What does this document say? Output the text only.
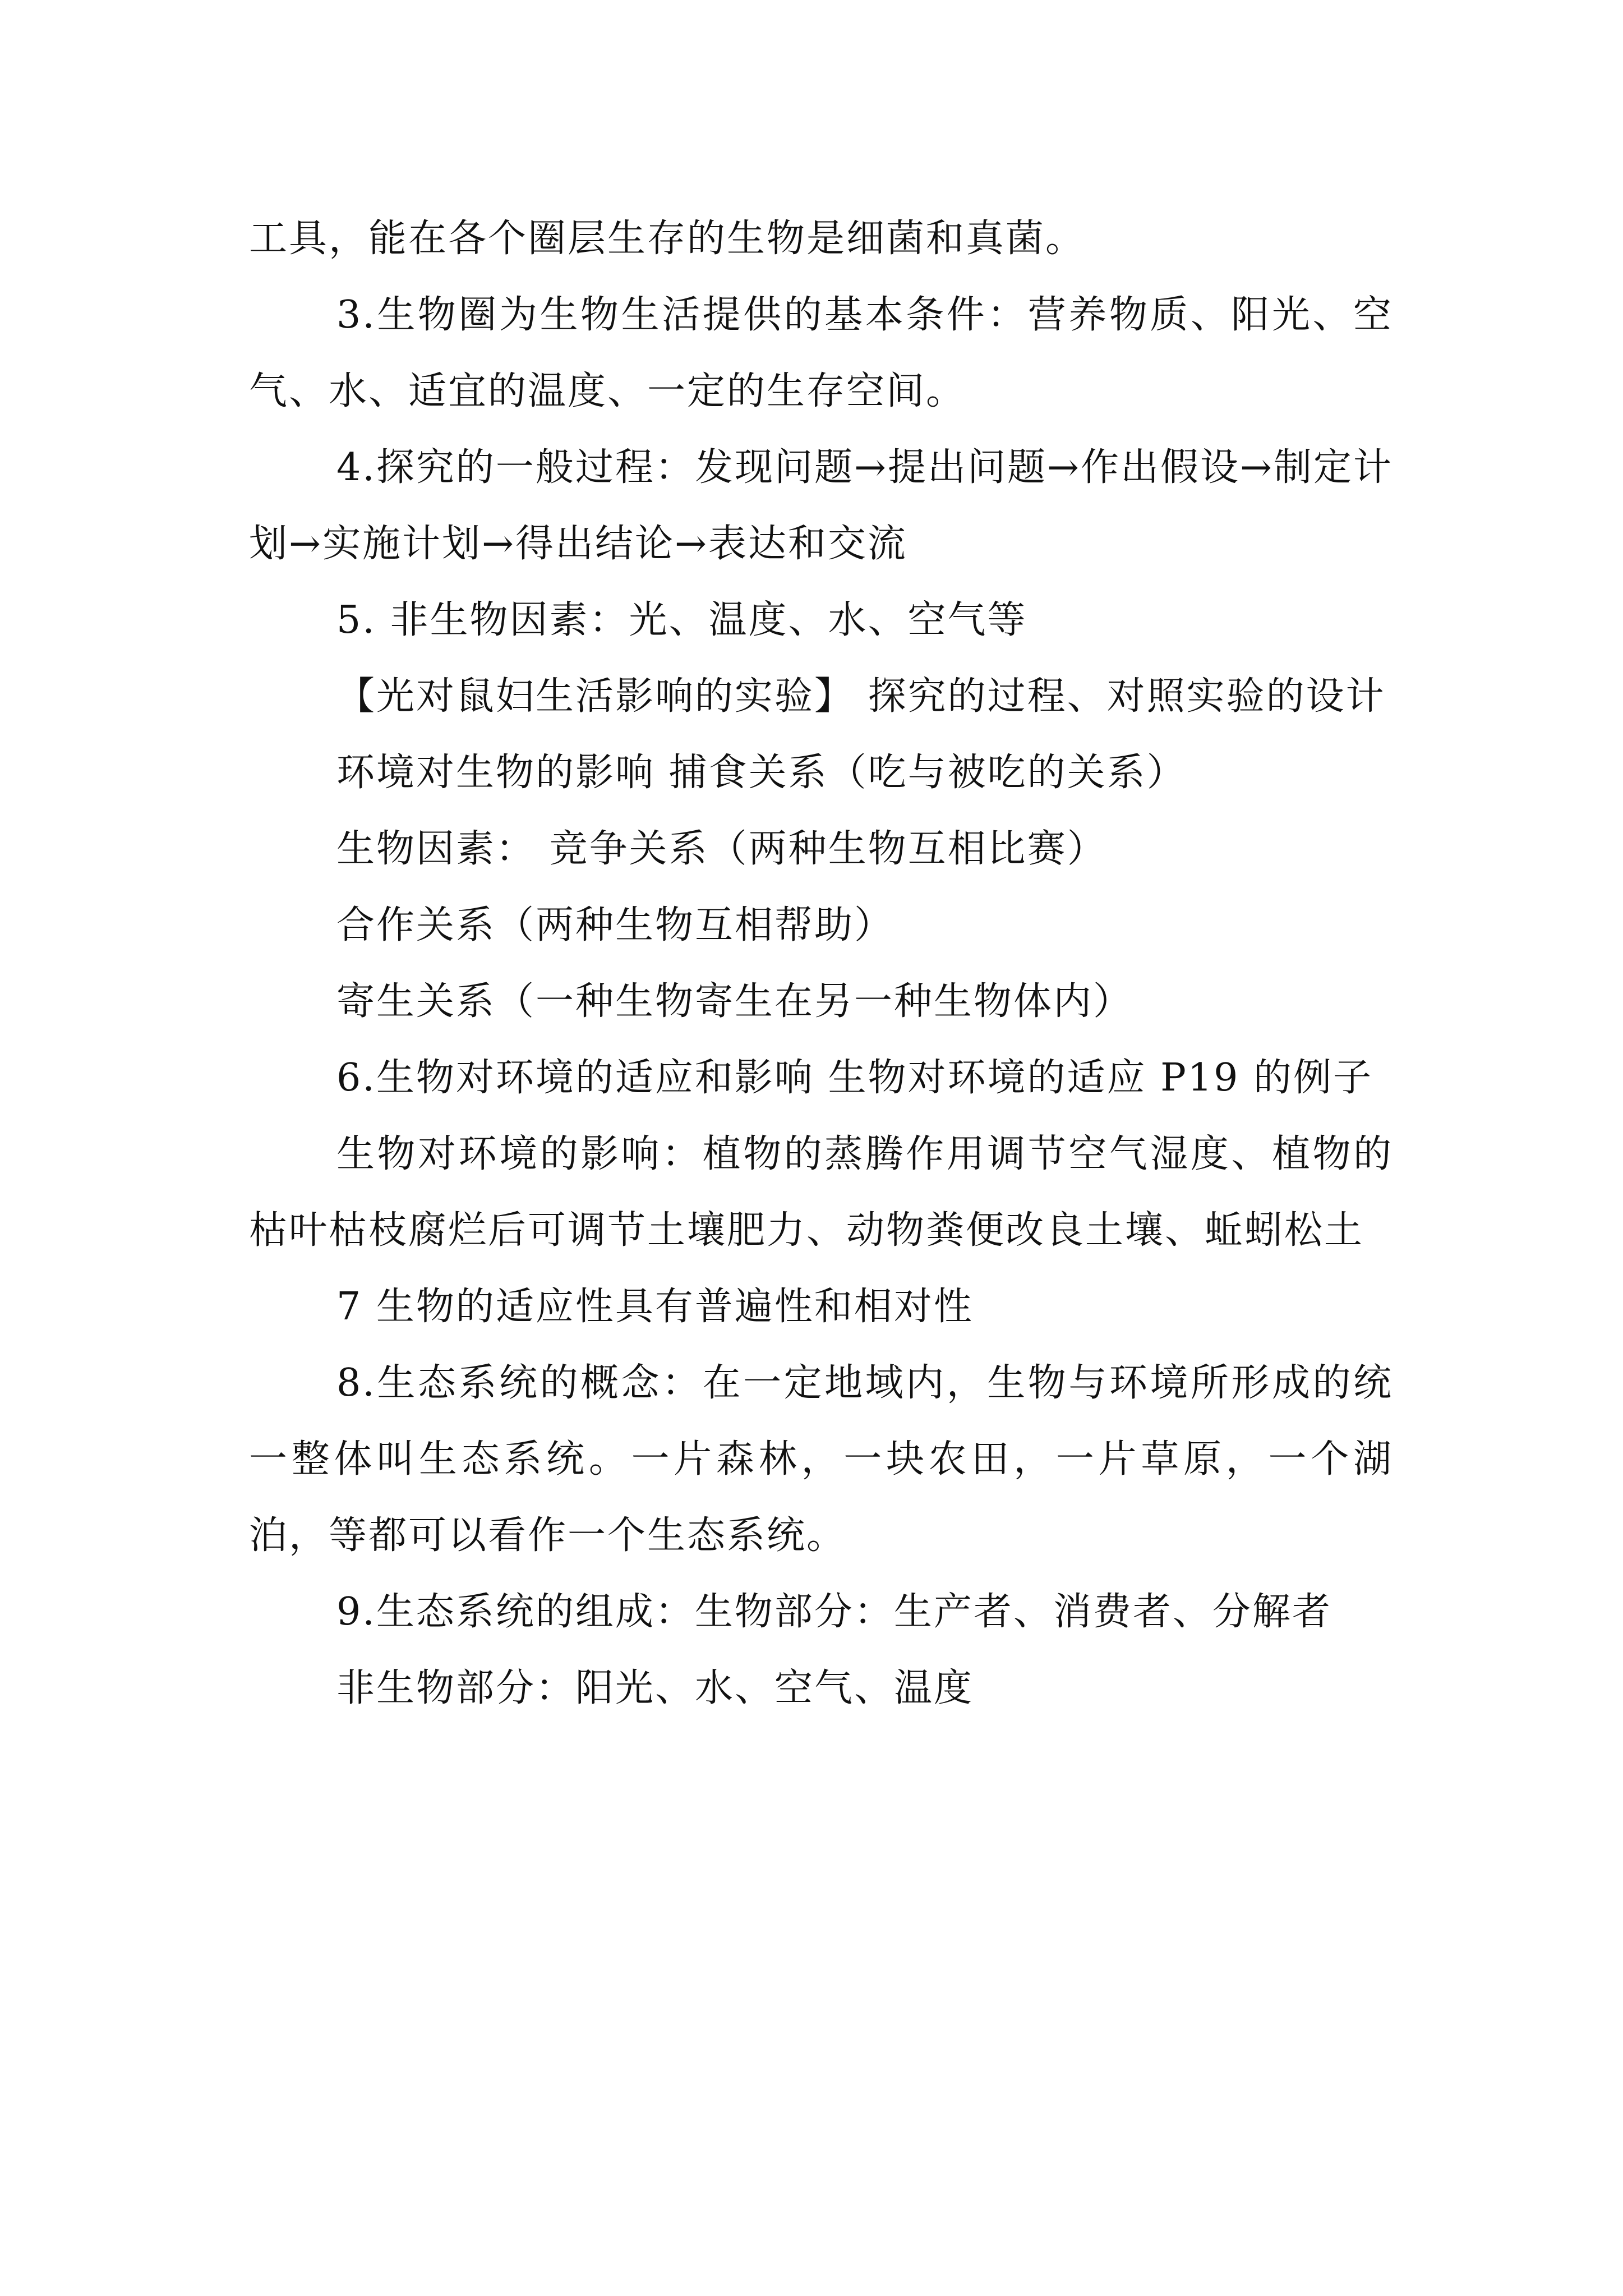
工具，能在各个圈层生存的生物是细菌和真菌。

3.生物圈为生物生活提供的基本条件：营养物质、阳光、空气、水、适宜的温度、一定的生存空间。

4.探究的一般过程：发现问题→提出问题→作出假设→制定计划→实施计划→得出结论→表达和交流

5. 非生物因素：光、温度、水、空气等

【光对鼠妇生活影响的实验】 探究的过程、对照实验的设计

环境对生物的影响 捕食关系（吃与被吃的关系）

生物因素： 竞争关系（两种生物互相比赛）

合作关系（两种生物互相帮助）

寄生关系（一种生物寄生在另一种生物体内）

6.生物对环境的适应和影响 生物对环境的适应 P19 的例子

生物对环境的影响：植物的蒸腾作用调节空气湿度、植物的枯叶枯枝腐烂后可调节土壤肥力、动物粪便改良土壤、蚯蚓松土

7 生物的适应性具有普遍性和相对性

8.生态系统的概念：在一定地域内，生物与环境所形成的统一整体叫生态系统。一片森林，一块农田，一片草原，一个湖泊，等都可以看作一个生态系统。

9.生态系统的组成：生物部分：生产者、消费者、分解者

非生物部分：阳光、水、空气、温度
